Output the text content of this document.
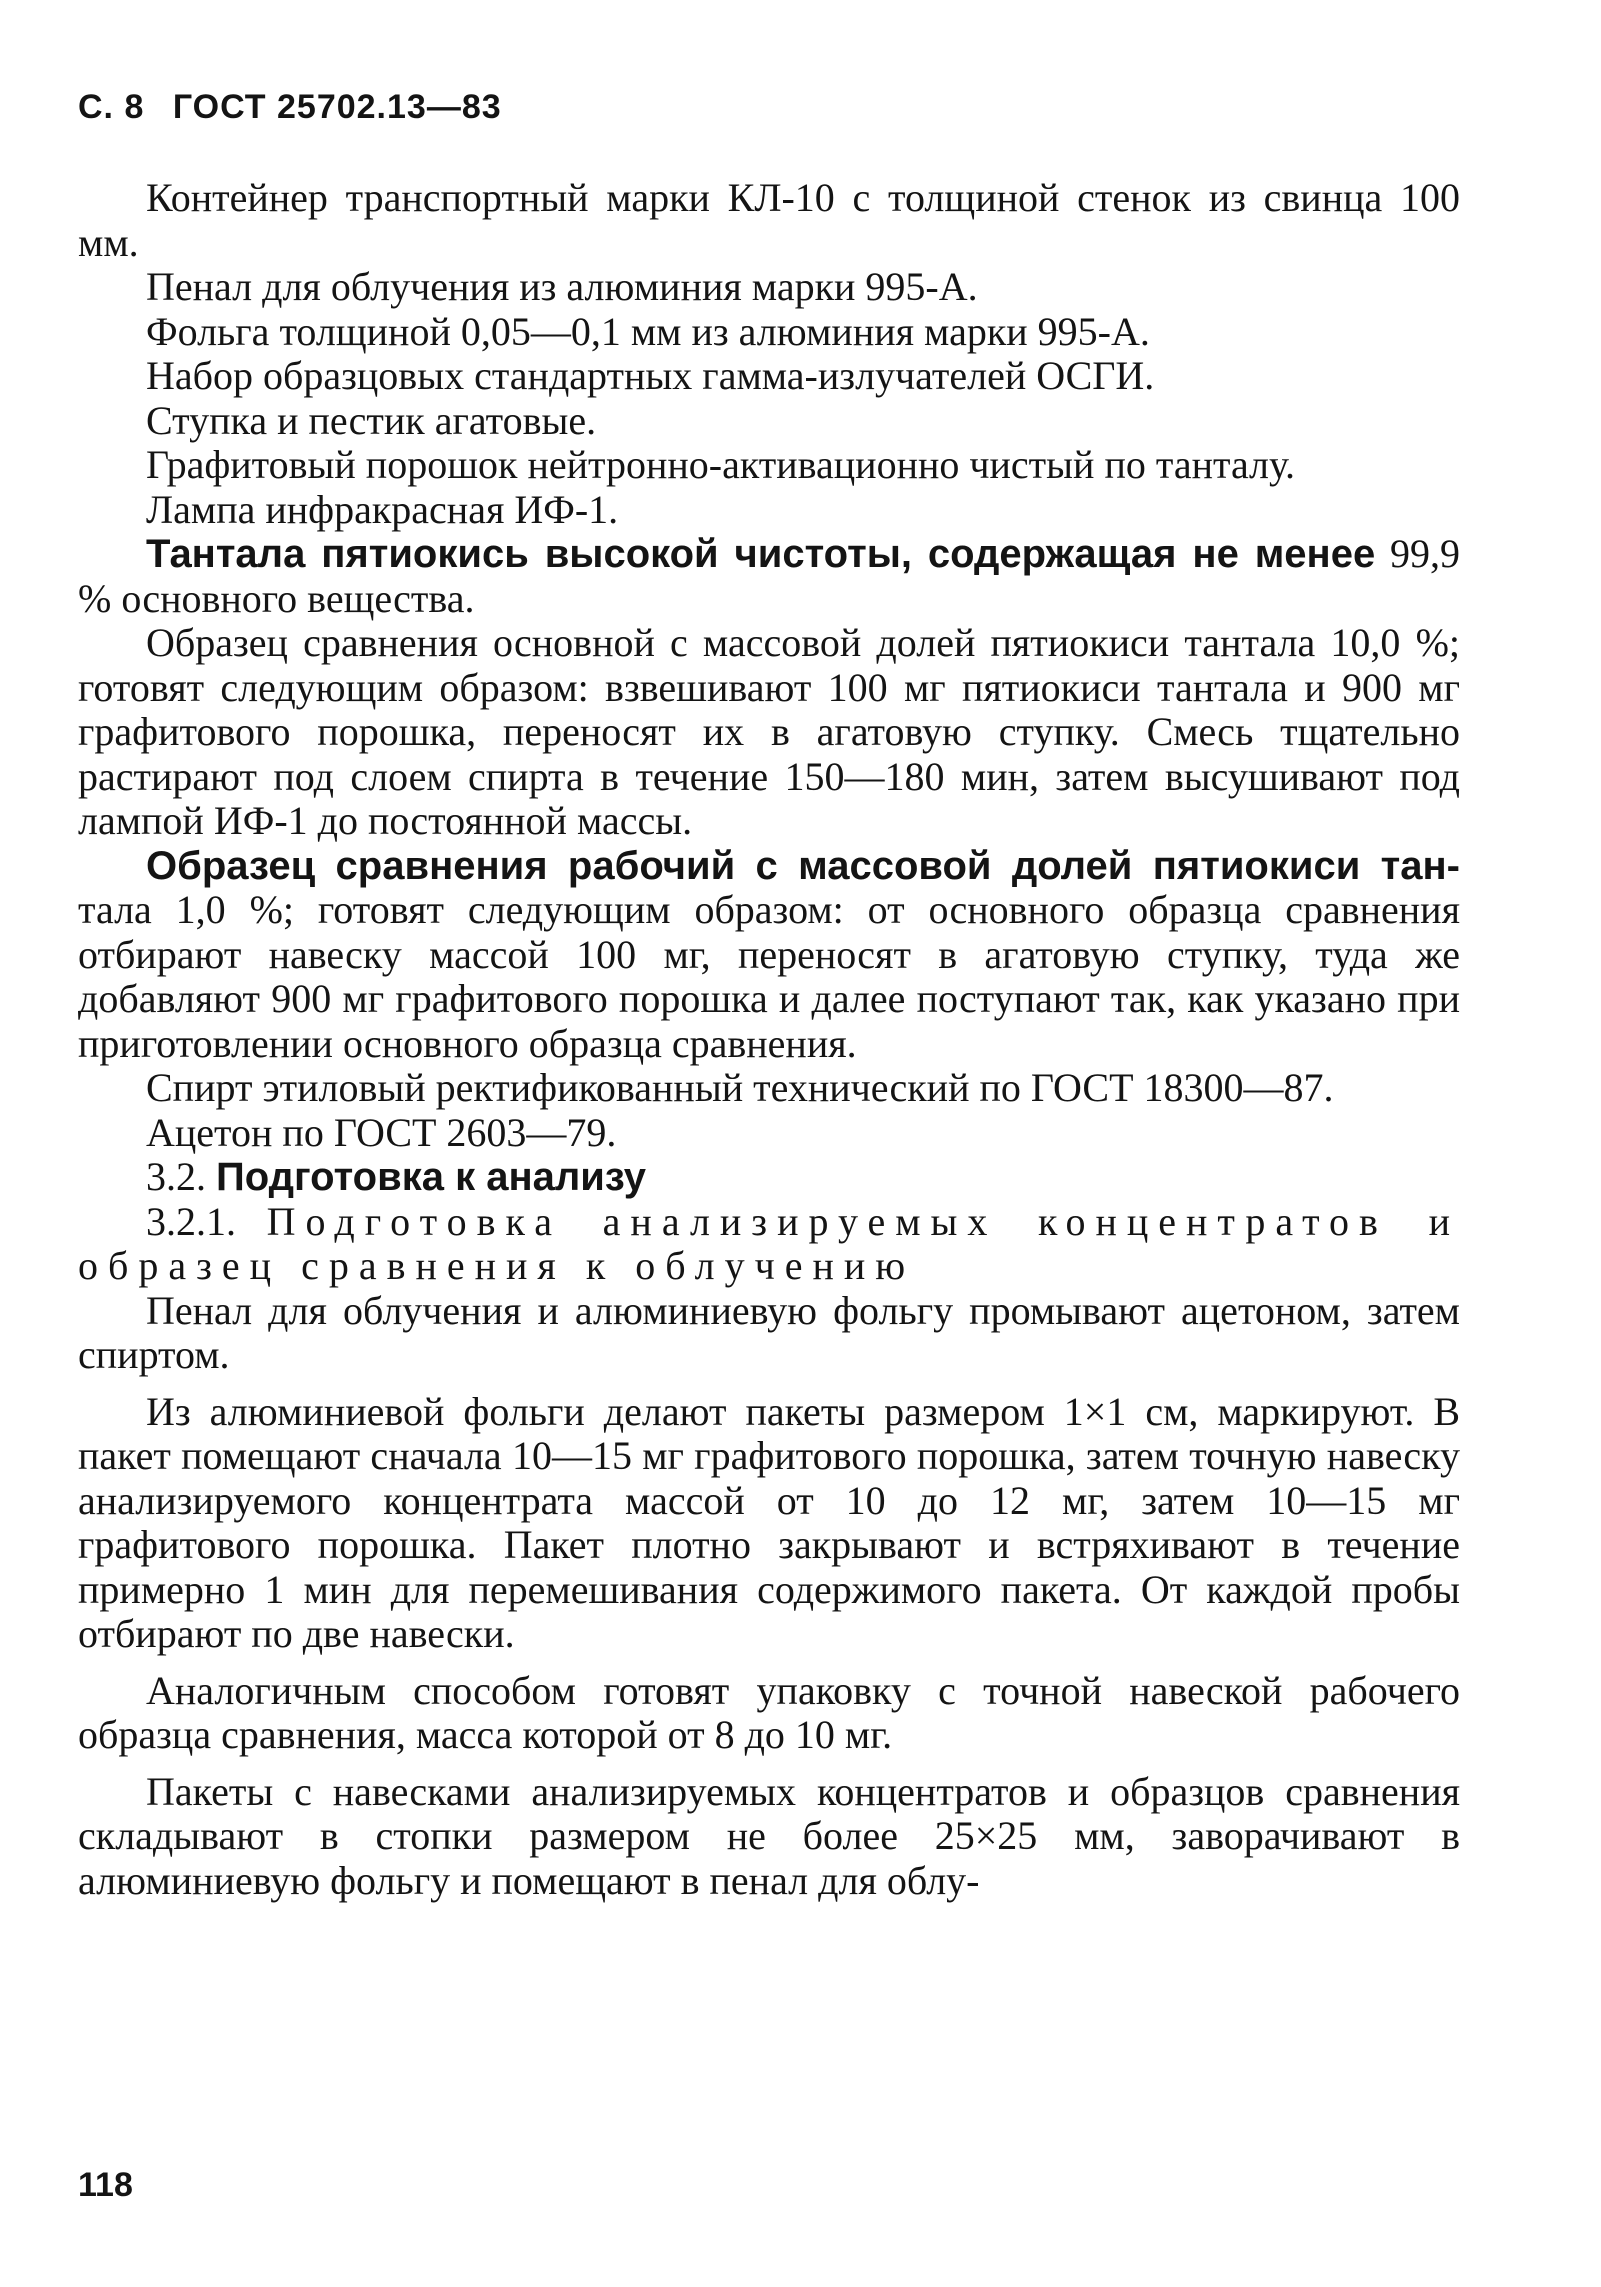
С. 8 ГОСТ 25702.13—83

Контейнер транспортный марки КЛ-10 с толщиной стенок из свинца 100 мм.

Пенал для облучения из алюминия марки 995-А.

Фольга толщиной 0,05—0,1 мм из алюминия марки 995-А.

Набор образцовых стандартных гамма-излучателей ОСГИ.

Ступка и пестик агатовые.

Графитовый порошок нейтронно-активационно чистый по танталу.

Лампа инфракрасная ИФ-1.

Тантала пятиокись высокой чистоты, содержащая не менее 99,9 % основного вещества.

Образец сравнения основной с массовой долей пятиокиси тантала 10,0 %; готовят следующим образом: взвешивают 100 мг пятиокиси тантала и 900 мг графитового порошка, переносят их в агатовую ступку. Смесь тщательно растирают под слоем спирта в течение 150—180 мин, затем высушивают под лампой ИФ-1 до постоянной массы.

Образец сравнения рабочий с массовой долей пятиокиси тан-тала 1,0 %; готовят следующим образом: от основного образца сравнения отбирают навеску массой 100 мг, переносят в агатовую ступку, туда же добавляют 900 мг графитового порошка и далее поступают так, как указано при приготовлении основного образца сравнения.

Спирт этиловый ректификованный технический по ГОСТ 18300—87.

Ацетон по ГОСТ 2603—79.

3.2. Подготовка к анализу

3.2.1. Подготовка анализируемых концентратов и образец сравнения к облучению

Пенал для облучения и алюминиевую фольгу промывают ацетоном, затем спиртом.

Из алюминиевой фольги делают пакеты размером 1×1 см, маркируют. В пакет помещают сначала 10—15 мг графитового порошка, затем точную навеску анализируемого концентрата массой от 10 до 12 мг, затем 10—15 мг графитового порошка. Пакет плотно закрывают и встряхивают в течение примерно 1 мин для перемешивания содержимого пакета. От каждой пробы отбирают по две навески.

Аналогичным способом готовят упаковку с точной навеской рабочего образца сравнения, масса которой от 8 до 10 мг.

Пакеты с навесками анализируемых концентратов и образцов сравнения складывают в стопки размером не более 25×25 мм, заворачивают в алюминиевую фольгу и помещают в пенал для облу-

118
